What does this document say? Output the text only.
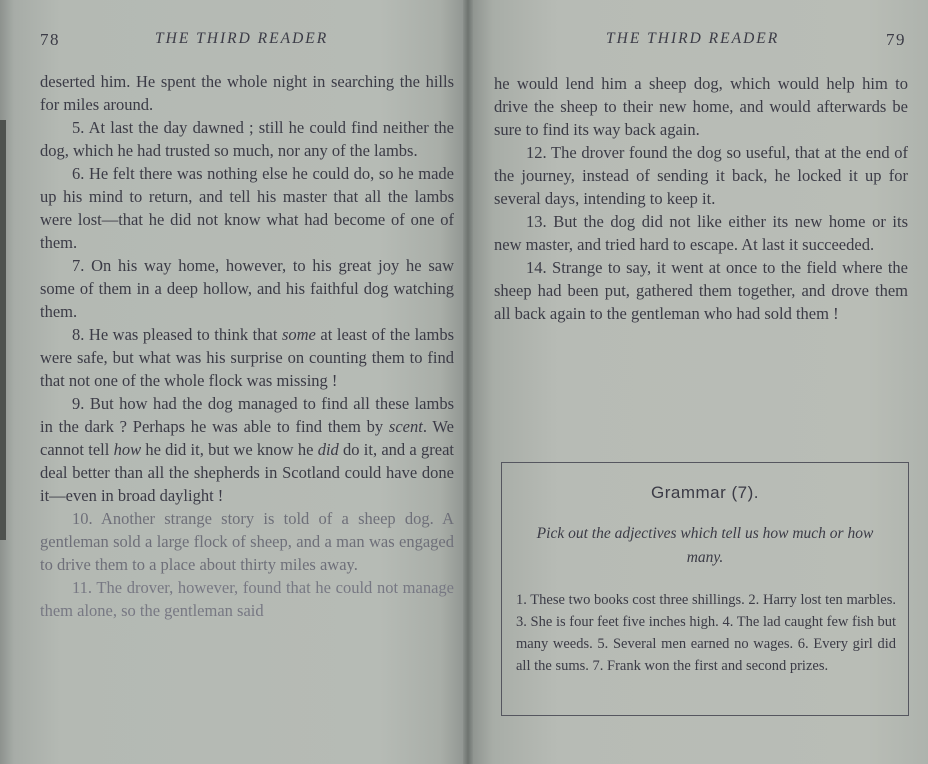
78	THE THIRD READER

deserted him. He spent the whole night in searching the hills for miles around.

5. At last the day dawned ; still he could find neither the dog, which he had trusted so much, nor any of the lambs.

6. He felt there was nothing else he could do, so he made up his mind to return, and tell his master that all the lambs were lost—that he did not know what had become of one of them.

7. On his way home, however, to his great joy he saw some of them in a deep hollow, and his faithful dog watching them.

8. He was pleased to think that some at least of the lambs were safe, but what was his surprise on counting them to find that not one of the whole flock was missing !

9. But how had the dog managed to find all these lambs in the dark ? Perhaps he was able to find them by scent. We cannot tell how he did it, but we know he did do it, and a great deal better than all the shepherds in Scotland could have done it—even in broad daylight !

10. Another strange story is told of a sheep dog. A gentleman sold a large flock of sheep, and a man was engaged to drive them to a place about thirty miles away.

11. The drover, however, found that he could not manage them alone, so the gentleman said

THE THIRD READER	79

he would lend him a sheep dog, which would help him to drive the sheep to their new home, and would afterwards be sure to find its way back again.

12. The drover found the dog so useful, that at the end of the journey, instead of sending it back, he locked it up for several days, intending to keep it.

13. But the dog did not like either its new home or its new master, and tried hard to escape. At last it succeeded.

14. Strange to say, it went at once to the field where the sheep had been put, gathered them together, and drove them all back again to the gentleman who had sold them !

Grammar (7).
Pick out the adjectives which tell us how much or how many.
1. These two books cost three shillings. 2. Harry lost ten marbles. 3. She is four feet five inches high. 4. The lad caught few fish but many weeds. 5. Several men earned no wages. 6. Every girl did all the sums. 7. Frank won the first and second prizes.
